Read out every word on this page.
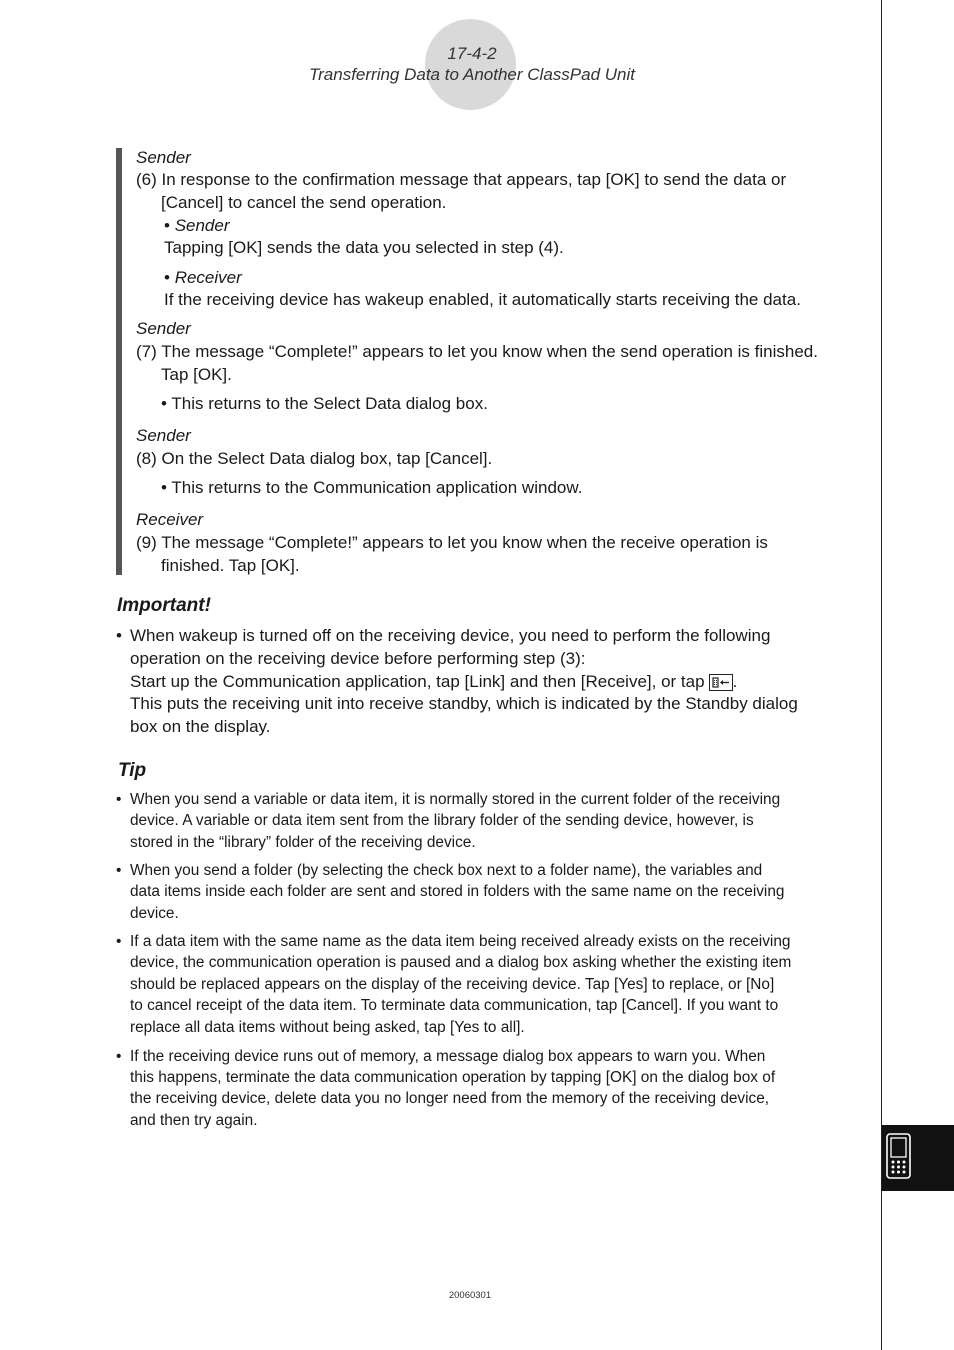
17-4-2
Transferring Data to Another ClassPad Unit
Sender
(6) In response to the confirmation message that appears, tap [OK] to send the data or
[Cancel] to cancel the send operation.
• Sender
Tapping [OK] sends the data you selected in step (4).
• Receiver
If the receiving device has wakeup enabled, it automatically starts receiving the data.
Sender
(7) The message “Complete!” appears to let you know when the send operation is finished.
Tap [OK].
• This returns to the Select Data dialog box.
Sender
(8) On the Select Data dialog box, tap [Cancel].
• This returns to the Communication application window.
Receiver
(9) The message “Complete!” appears to let you know when the receive operation is
finished. Tap [OK].
Important!
• When wakeup is turned off on the receiving device, you need to perform the following
operation on the receiving device before performing step (3):
Start up the Communication application, tap [Link] and then [Receive], or tap .
This puts the receiving unit into receive standby, which is indicated by the Standby dialog
box on the display.
Tip
• When you send a variable or data item, it is normally stored in the current folder of the receiving
device. A variable or data item sent from the library folder of the sending device, however, is
stored in the “library” folder of the receiving device.
• When you send a folder (by selecting the check box next to a folder name), the variables and
data items inside each folder are sent and stored in folders with the same name on the receiving
device.
• If a data item with the same name as the data item being received already exists on the receiving
device, the communication operation is paused and a dialog box asking whether the existing item
should be replaced appears on the display of the receiving device. Tap [Yes] to replace, or [No]
to cancel receipt of the data item. To terminate data communication, tap [Cancel]. If you want to
replace all data items without being asked, tap [Yes to all].
• If the receiving device runs out of memory, a message dialog box appears to warn you. When
this happens, terminate the data communication operation by tapping [OK] on the dialog box of
the receiving device, delete data you no longer need from the memory of the receiving device,
and then try again.
20060301
